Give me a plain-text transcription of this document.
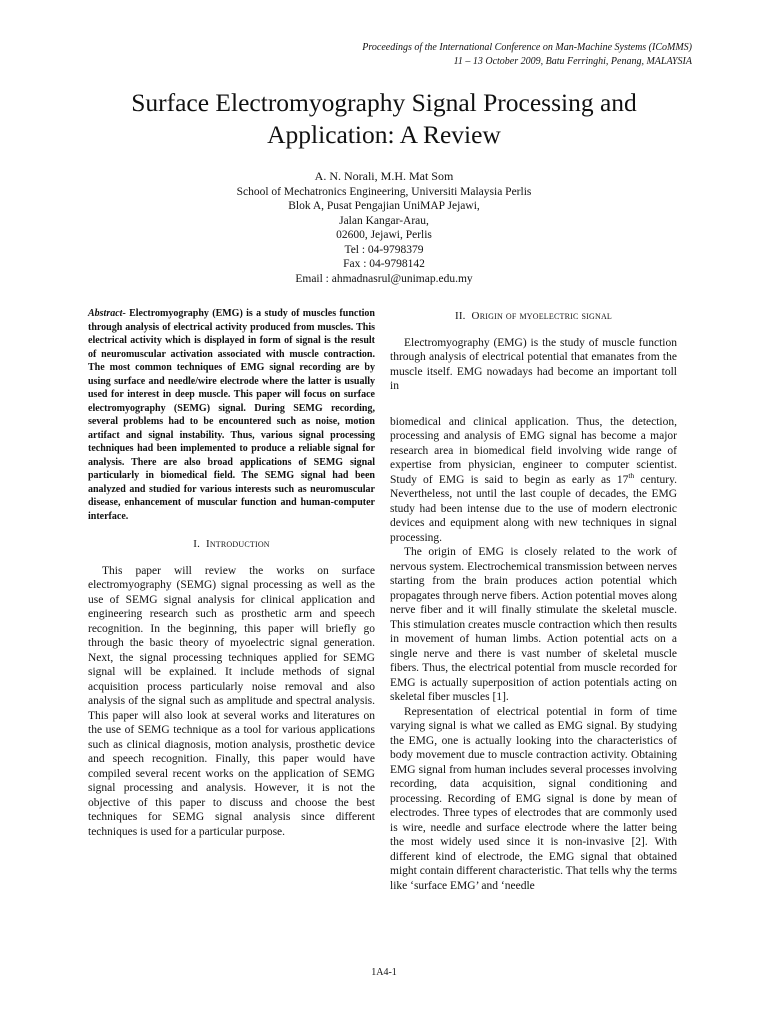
Proceedings of the International Conference on Man-Machine Systems (ICoMMS)
11 – 13 October 2009, Batu Ferringhi, Penang, MALAYSIA
Surface Electromyography Signal Processing and
Application: A Review
A. N. Norali, M.H. Mat Som
School of Mechatronics Engineering, Universiti Malaysia Perlis
Blok A, Pusat Pengajian UniMAP Jejawi,
Jalan Kangar-Arau,
02600, Jejawi, Perlis
Tel : 04-9798379
Fax : 04-9798142
Email : ahmadnasrul@unimap.edu.my
Abstract- Electromyography (EMG) is a study of muscles function through analysis of electrical activity produced from muscles. This electrical activity which is displayed in form of signal is the result of neuromuscular activation associated with muscle contraction. The most common techniques of EMG signal recording are by using surface and needle/wire electrode where the latter is usually used for interest in deep muscle. This paper will focus on surface electromyography (SEMG) signal. During SEMG recording, several problems had to be encountered such as noise, motion artifact and signal instability. Thus, various signal processing techniques had been implemented to produce a reliable signal for analysis. There are also broad applications of SEMG signal particularly in biomedical field. The SEMG signal had been analyzed and studied for various interests such as neuromuscular disease, enhancement of muscular function and human-computer interface.
I. Introduction

This paper will review the works on surface electromyography (SEMG) signal processing as well as the use of SEMG signal analysis for clinical application and engineering research such as prosthetic arm and speech recognition. In the beginning, this paper will briefly go through the basic theory of myoelectric signal generation. Next, the signal processing techniques applied for SEMG signal will be explained. It include methods of signal acquisition process particularly noise removal and also analysis of the signal such as amplitude and spectral analysis. This paper will also look at several works and literatures on the use of SEMG technique as a tool for various applications such as clinical diagnosis, motion analysis, prosthetic device and speech recognition. Finally, this paper would have compiled several recent works on the application of SEMG signal processing and analysis. However, it is not the objective of this paper to discuss and choose the best techniques for SEMG signal analysis since different techniques is used for a particular purpose.

II. Origin of myoelectric signal

Electromyography (EMG) is the study of muscle function through analysis of electrical potential that emanates from the muscle itself. EMG nowadays had become an important toll in

biomedical and clinical application. Thus, the detection, processing and analysis of EMG signal has become a major research area in biomedical field involving wide range of expertise from physician, engineer to computer scientist. Study of EMG is said to begin as early as 17th century. Nevertheless, not until the last couple of decades, the EMG study had been intense due to the use of modern electronic devices and equipment along with new techniques in signal processing.

The origin of EMG is closely related to the work of nervous system. Electrochemical transmission between nerves starting from the brain produces action potential which propagates through nerve fibers. Action potential moves along nerve fiber and it will finally stimulate the skeletal muscle. This stimulation creates muscle contraction which then results in movement of human limbs. Action potential acts on a single nerve and there is vast number of skeletal muscle fibers. Thus, the electrical potential from muscle recorded for EMG is actually superposition of action potentials acting on skeletal fiber muscles [1].

Representation of electrical potential in form of time varying signal is what we called as EMG signal. By studying the EMG, one is actually looking into the characteristics of body movement due to muscle contraction activity. Obtaining EMG signal from human includes several processes involving recording, data acquisition, signal conditioning and processing. Recording of EMG signal is done by mean of electrodes. Three types of electrodes that are commonly used is wire, needle and surface electrode where the latter being the most widely used since it is non-invasive [2]. With different kind of electrode, the EMG signal that obtained might contain different characteristic. That tells why the terms like ‘surface EMG’ and ‘needle

1A4-1
